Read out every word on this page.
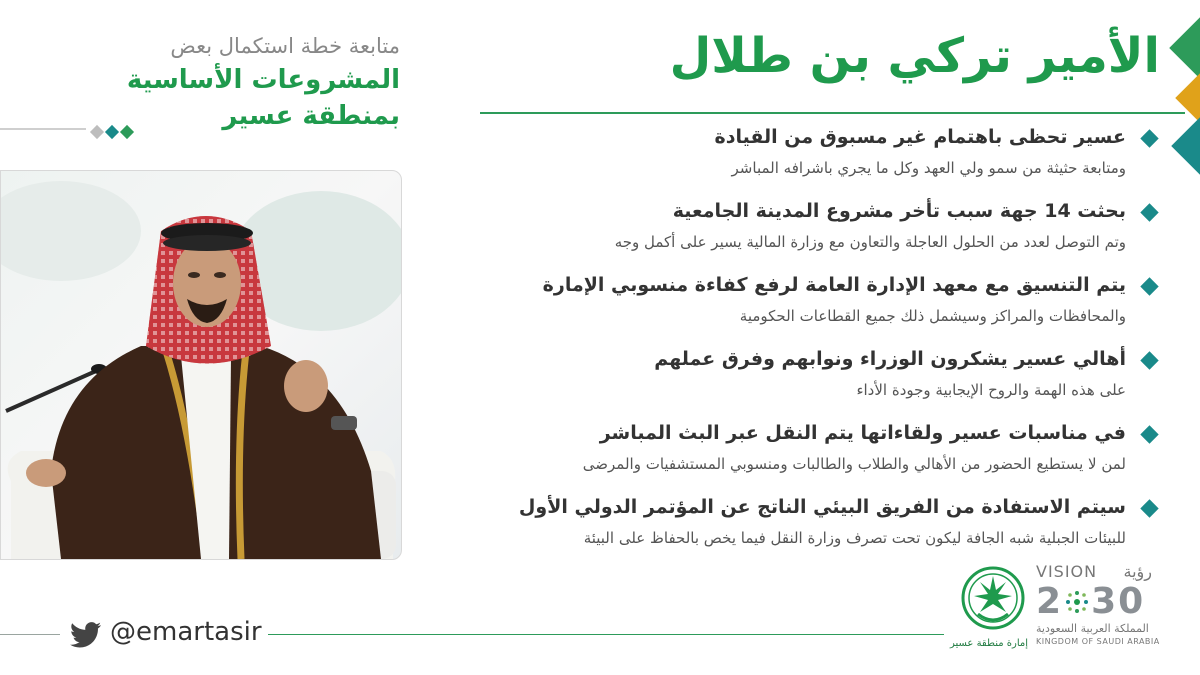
الأمير تركي بن طلال
عسير تحظى باهتمام غير مسبوق من القيادة
ومتابعة حثيثة من سمو ولي العهد وكل ما يجري باشرافه المباشر
بحثت 14 جهة سبب تأخر مشروع المدينة الجامعية
وتم التوصل لعدد من الحلول العاجلة والتعاون مع وزارة المالية يسير على أكمل وجه
يتم التنسيق مع معهد الإدارة العامة لرفع كفاءة منسوبي الإمارة
والمحافظات والمراكز وسيشمل ذلك جميع القطاعات الحكومية
أهالي عسير يشكرون الوزراء ونوابهم وفرق عملهم
على هذه الهمة والروح الإيجابية وجودة الأداء
في مناسبات عسير ولقاءاتها يتم النقل عبر البث المباشر
لمن لا يستطيع الحضور من الأهالي والطلاب والطالبات ومنسوبي المستشفيات والمرضى
سيتم الاستفادة من الفريق البيئي الناتج عن المؤتمر الدولي الأول
للبيئات الجبلية شبه الجافة ليكون تحت تصرف وزارة النقل فيما يخص بالحفاظ على البيئة
متابعة خطة استكمال بعض
المشروعات الأساسية
بمنطقة عسير
@emartasir	إمارة منطقة عسير
VISION	رؤية
2 30
المملكة العربية السعودية
KINGDOM OF SAUDI ARABIA
